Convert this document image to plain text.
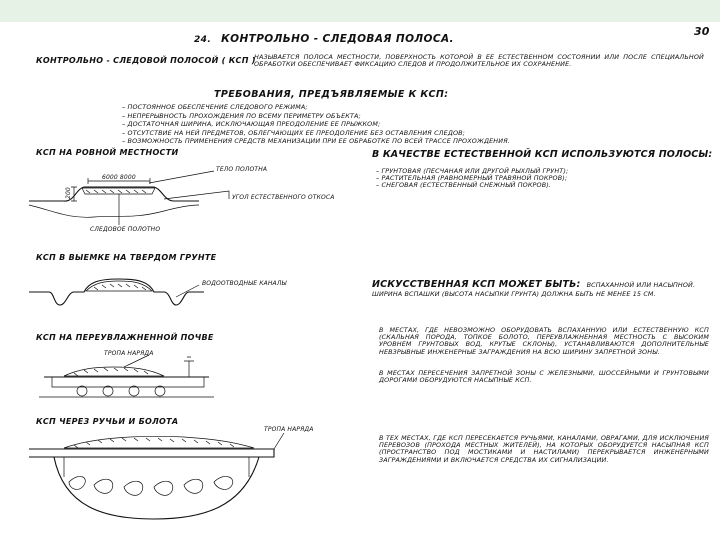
24. КОНТРОЛЬНО - СЛЕДОВАЯ ПОЛОСА.
30
КОНТРОЛЬНО - СЛЕДОВОЙ ПОЛОСОЙ ( КСП )
НАЗЫВАЕТСЯ ПОЛОСА МЕСТНОСТИ, ПОВЕРХНОСТЬ КОТОРОЙ В ЕЕ ЕСТЕСТВЕННОМ СОСТОЯНИИ ИЛИ ПОСЛЕ СПЕЦИАЛЬНОЙ ОБРАБОТКИ ОБЕСПЕЧИВАЕТ ФИКСАЦИЮ СЛЕДОВ И ПРОДОЛЖИТЕЛЬНОЕ ИХ СОХРАНЕНИЕ.
ТРЕБОВАНИЯ, ПРЕДЪЯВЛЯЕМЫЕ К КСП:
– ПОСТОЯННОЕ ОБЕСПЕЧЕНИЕ СЛЕДОВОГО РЕЖИМА;
– НЕПРЕРЫВНОСТЬ ПРОХОЖДЕНИЯ ПО ВСЕМУ ПЕРИМЕТРУ ОБЪЕКТА;
– ДОСТАТОЧНАЯ ШИРИНА, ИСКЛЮЧАЮЩАЯ ПРЕОДОЛЕНИЕ ЕЕ ПРЫЖКОМ;
– ОТСУТСТВИЕ НА НЕЙ ПРЕДМЕТОВ, ОБЛЕГЧАЮЩИХ ЕЕ ПРЕОДОЛЕНИЕ БЕЗ ОСТАВЛЕНИЯ СЛЕДОВ;
– ВОЗМОЖНОСТЬ ПРИМЕНЕНИЯ СРЕДСТВ МЕХАНИЗАЦИИ ПРИ ЕЕ ОБРАБОТКЕ ПО ВСЕЙ ТРАССЕ ПРОХОЖДЕНИЯ.
КСП НА РОВНОЙ МЕСТНОСТИ
6000 8000
200
ТЕЛО ПОЛОТНА
УГОЛ ЕСТЕСТВЕННОГО ОТКОСА
СЛЕДОВОЕ ПОЛОТНО
КСП В ВЫЕМКЕ НА ТВЕРДОМ ГРУНТЕ
ВОДООТВОДНЫЕ КАНАЛЫ
КСП НА ПЕРЕУВЛАЖНЕННОЙ ПОЧВЕ
ТРОПА НАРЯДА
КСП ЧЕРЕЗ РУЧЬИ И БОЛОТА
ТРОПА НАРЯДА
В КАЧЕСТВЕ ЕСТЕСТВЕННОЙ КСП ИСПОЛЬЗУЮТСЯ ПОЛОСЫ:
– ГРУНТОВАЯ (ПЕСЧАНАЯ ИЛИ ДРУГОЙ РЫХЛЫЙ ГРУНТ);
– РАСТИТЕЛЬНАЯ (РАВНОМЕРНЫЙ ТРАВЯНОЙ ПОКРОВ);
– СНЕГОВАЯ (ЕСТЕСТВЕННЫЙ СНЕЖНЫЙ ПОКРОВ).
ИСКУССТВЕННАЯ КСП МОЖЕТ БЫТЬ: ВСПАХАННОЙ ИЛИ НАСЫПНОЙ.
ШИРИНА ВСПАШКИ (ВЫСОТА НАСЫПКИ ГРУНТА) ДОЛЖНА БЫТЬ НЕ МЕНЕЕ 15 СМ.
В МЕСТАХ, ГДЕ НЕВОЗМОЖНО ОБОРУДОВАТЬ ВСПАХАННУЮ ИЛИ ЕСТЕСТВЕННУЮ КСП (СКАЛЬНАЯ ПОРОДА, ТОПКОЕ БОЛОТО, ПЕРЕУВЛАЖНЕННАЯ МЕСТНОСТЬ С ВЫСОКИМ УРОВНЕМ ГРУНТОВЫХ ВОД, КРУТЫЕ СКЛОНЫ), УСТАНАВЛИВАЮТСЯ ДОПОЛНИТЕЛЬНЫЕ НЕВЗРЫВНЫЕ ИНЖЕНЕРНЫЕ ЗАГРАЖДЕНИЯ НА ВСЮ ШИРИНУ ЗАПРЕТНОЙ ЗОНЫ.
В МЕСТАХ ПЕРЕСЕЧЕНИЯ ЗАПРЕТНОЙ ЗОНЫ С ЖЕЛЕЗНЫМИ, ШОССЕЙНЫМИ И ГРУНТОВЫМИ ДОРОГАМИ ОБОРУДУЮТСЯ НАСЫПНЫЕ КСП.
В ТЕХ МЕСТАХ, ГДЕ КСП ПЕРЕСЕКАЕТСЯ РУЧЬЯМИ, КАНАЛАМИ, ОВРАГАМИ, ДЛЯ ИСКЛЮЧЕНИЯ ПЕРЕВОЗОВ (ПРОХОДА МЕСТНЫХ ЖИТЕЛЕЙ), НА КОТОРЫХ ОБОРУДУЕТСЯ НАСЫПНАЯ КСП (ПРОСТРАНСТВО ПОД МОСТИКАМИ И НАСТИЛАМИ) ПЕРЕКРЫВАЕТСЯ ИНЖЕНЕРНЫМИ ЗАГРАЖДЕНИЯМИ И ВКЛЮЧАЕТСЯ СРЕДСТВА ИХ СИГНАЛИЗАЦИИ.
